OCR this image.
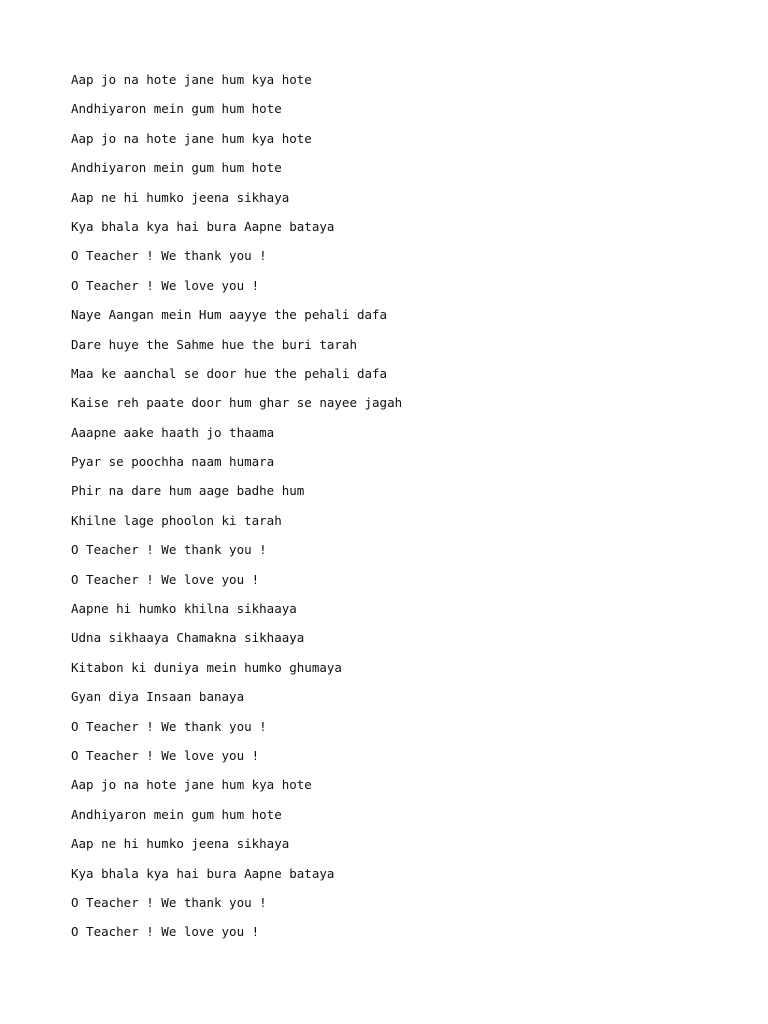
Aap jo na hote jane hum kya hote
Andhiyaron mein gum hum hote
Aap jo na hote jane hum kya hote
Andhiyaron mein gum hum hote
Aap ne hi humko jeena sikhaya
Kya bhala kya hai bura Aapne bataya
O Teacher ! We thank you !
O Teacher ! We love you !
Naye Aangan mein Hum aayye the pehali dafa
Dare huye the Sahme hue the buri tarah
Maa ke aanchal se door hue the pehali dafa
Kaise reh paate door hum ghar se nayee jagah
Aaapne aake haath jo thaama
Pyar se poochha naam humara
Phir na dare hum aage badhe hum
Khilne lage phoolon ki tarah
O Teacher ! We thank you !
O Teacher ! We love you !
Aapne hi humko khilna sikhaaya
Udna sikhaaya Chamakna sikhaaya
Kitabon ki duniya mein humko ghumaya
Gyan diya Insaan banaya
O Teacher ! We thank you !
O Teacher ! We love you !
Aap jo na hote jane hum kya hote
Andhiyaron mein gum hum hote
Aap ne hi humko jeena sikhaya
Kya bhala kya hai bura Aapne bataya
O Teacher ! We thank you !
O Teacher ! We love you !
